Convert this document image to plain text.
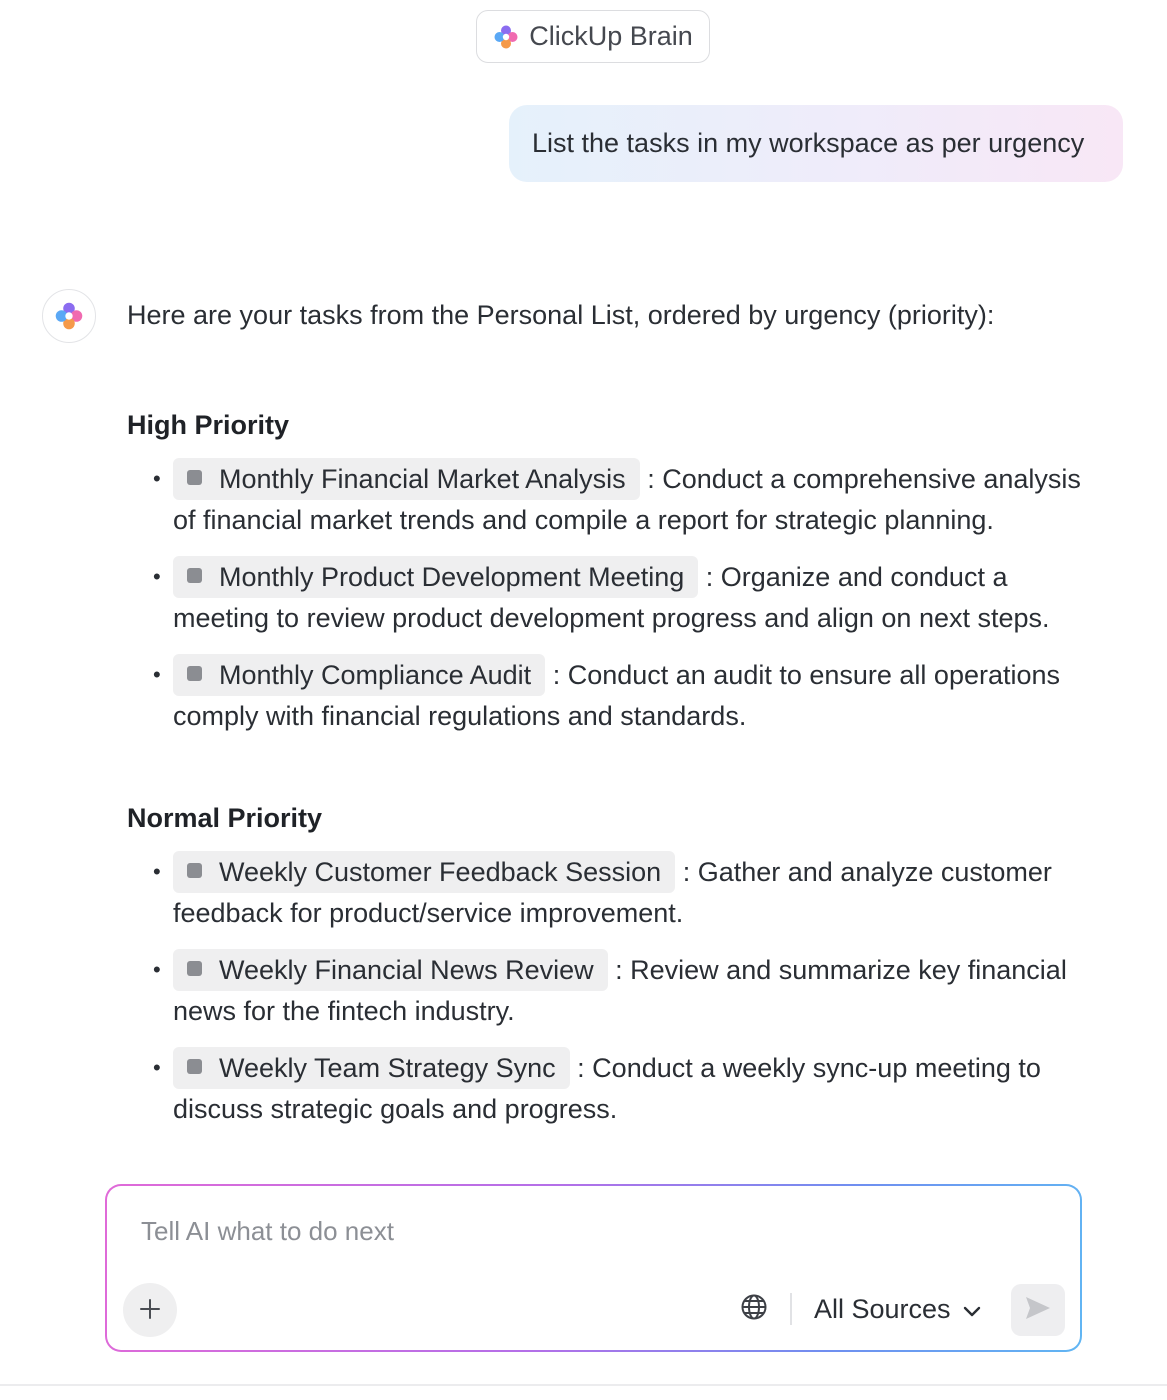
ClickUp Brain
List the tasks in my workspace as per urgency
Here are your tasks from the Personal List, ordered by urgency (priority):
High Priority
• Monthly Financial Market Analysis : Conduct a comprehensive analysis of financial market trends and compile a report for strategic planning.
• Monthly Product Development Meeting : Organize and conduct a meeting to review product development progress and align on next steps.
• Monthly Compliance Audit : Conduct an audit to ensure all operations comply with financial regulations and standards.
Normal Priority
• Weekly Customer Feedback Session : Gather and analyze customer feedback for product/service improvement.
• Weekly Financial News Review : Review and summarize key financial news for the fintech industry.
• Weekly Team Strategy Sync : Conduct a weekly sync-up meeting to discuss strategic goals and progress.
Tell AI what to do next
All Sources
